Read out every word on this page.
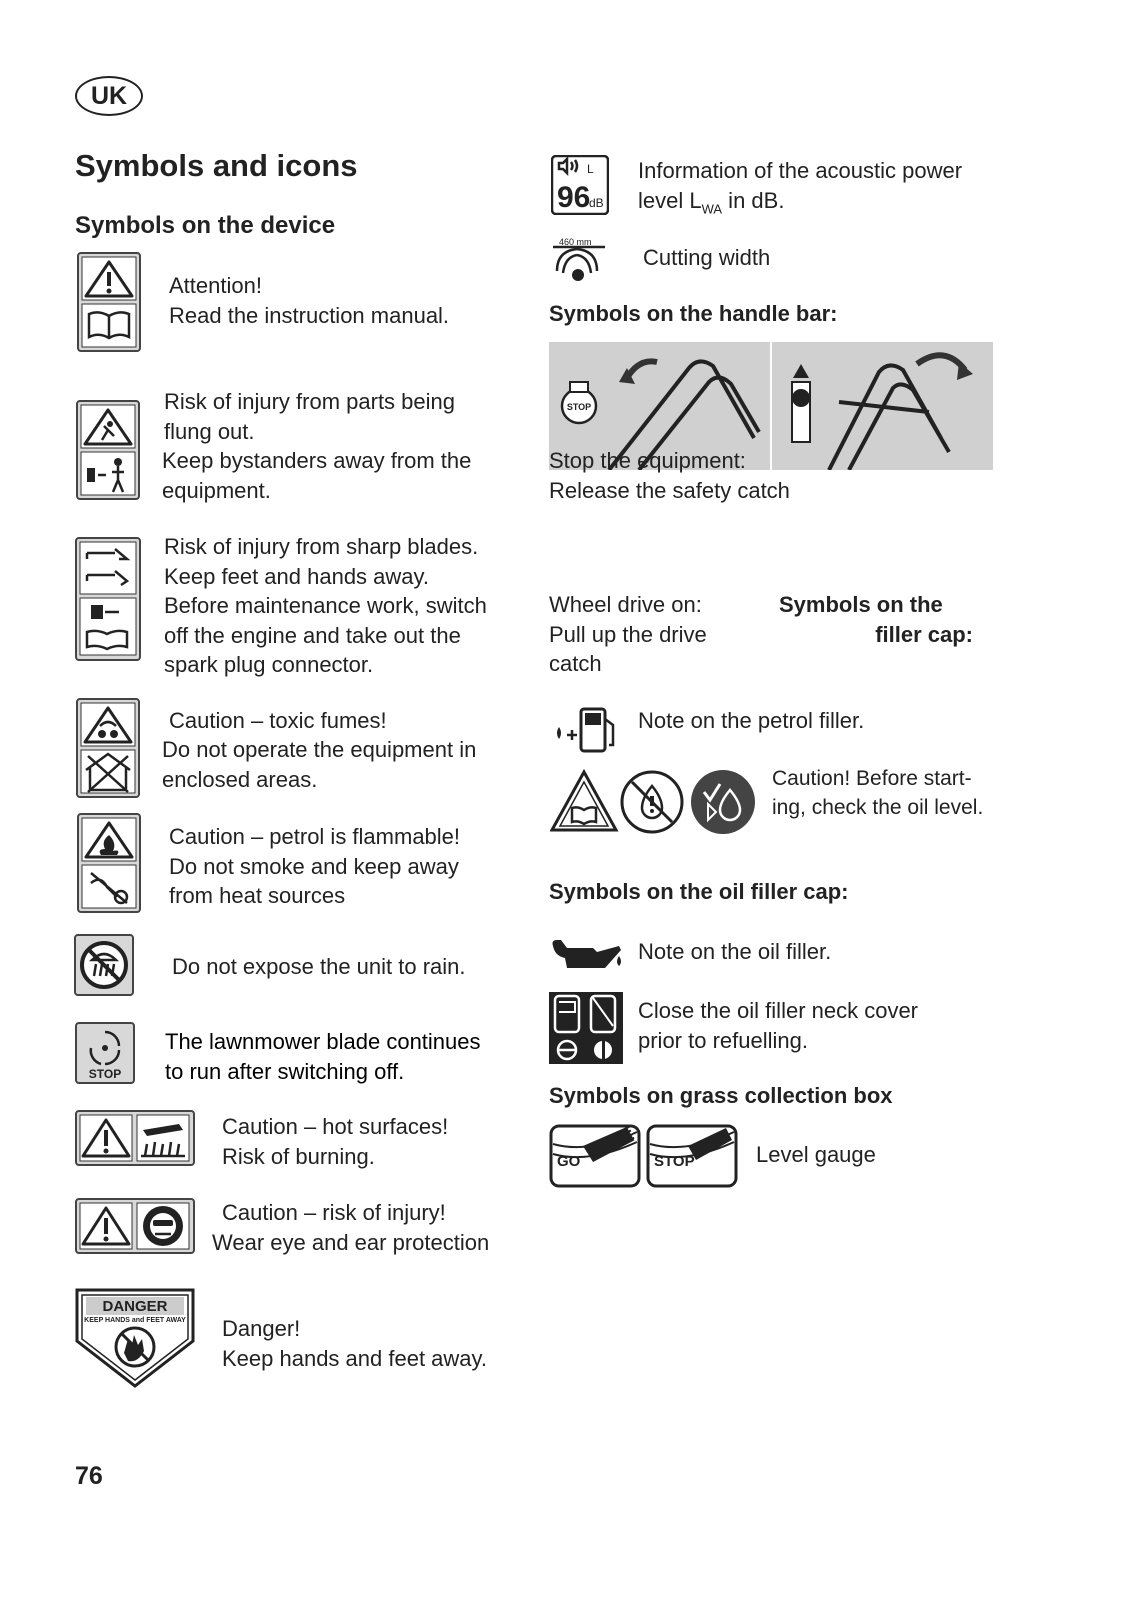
UK
Symbols and icons
Symbols on the device
Attention!
Read the instruction manual.
Risk of injury from parts being
flung out.
Keep bystanders away from the
equipment.
Risk of injury from sharp blades.
Keep feet and hands away.
Before maintenance work, switch
off the engine and take out the
spark plug connector.
Caution – toxic fumes!
Do not operate the equipment in
enclosed areas.
Caution – petrol is flammable!
Do not smoke and keep away
from heat sources
Do not expose the unit to rain.
STOP
The lawnmower blade continues
to run after switching off.
Caution – hot surfaces!
Risk of burning.
Caution – risk of injury!
Wear eye and ear protection
DANGER
KEEP HANDS and FEET AWAY Danger!
Keep hands and feet away.
L
96
dB
Information of the acoustic power
level $L_{WA}$ in dB.
460 mm
Cutting width
Symbols on the handle bar:
STOP
Stop the equipment:
Release the safety catch
Wheel drive on:
Pull up the drive
catch
Symbols on the
filler cap:
Note on the petrol filler.
Caution! Before start-
ing, check the oil level.
Symbols on the oil filler cap:
Note on the oil filler.
Close the oil filler neck cover
prior to refuelling.
Symbols on grass collection box
GO	STOP	Level gauge
76
